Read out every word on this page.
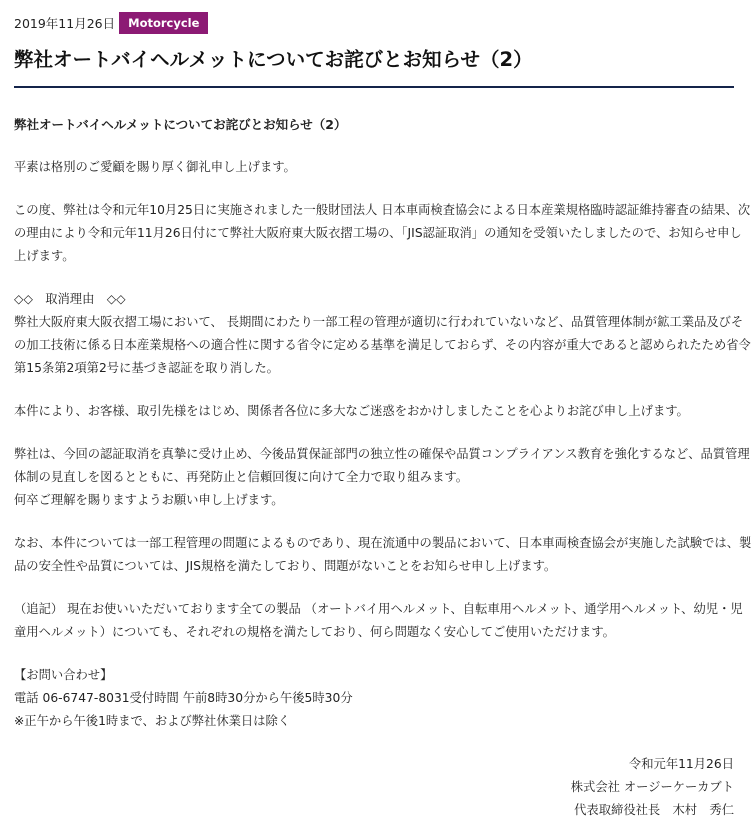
2019年11月26日	Motorcycle
弊社オートバイヘルメットについてお詫びとお知らせ（2）
弊社オートバイヘルメットについてお詫びとお知らせ（2）
平素は格別のご愛顧を賜り厚く御礼申し上げます。
この度、弊社は令和元年10月25日に実施されました一般財団法人 日本車両検査協会による日本産業規格臨時認証維持審査の結果、次
の理由により令和元年11月26日付にて弊社大阪府東大阪衣摺工場の、「JIS認証取消」の通知を受領いたしましたので、お知らせ申し
上げます。
◇◇　取消理由　◇◇
弊社大阪府東大阪衣摺工場において、 長期間にわたり一部工程の管理が適切に行われていないなど、品質管理体制が鉱工業品及びそ
の加工技術に係る日本産業規格への適合性に関する省令に定める基準を満足しておらず、その内容が重大であると認められたため省令
第15条第2項第2号に基づき認証を取り消した。
本件により、お客様、取引先様をはじめ、関係者各位に多大なご迷惑をおかけしましたことを心よりお詫び申し上げます。
弊社は、今回の認証取消を真摯に受け止め、今後品質保証部門の独立性の確保や品質コンプライアンス教育を強化するなど、品質管理
体制の見直しを図るとともに、再発防止と信頼回復に向けて全力で取り組みます。
何卒ご理解を賜りますようお願い申し上げます。
なお、本件については一部工程管理の問題によるものであり、現在流通中の製品において、日本車両検査協会が実施した試験では、製
品の安全性や品質については、JIS規格を満たしており、問題がないことをお知らせ申し上げます。
（追記） 現在お使いいただいております全ての製品 （オートバイ用ヘルメット、自転車用ヘルメット、通学用ヘルメット、幼児・児
童用ヘルメット）についても、それぞれの規格を満たしており、何ら問題なく安心してご使用いただけます。
【お問い合わせ】
電話 06-6747-8031受付時間 午前8時30分から午後5時30分
※正午から午後1時まで、および弊社休業日は除く
令和元年11月26日
株式会社 オージーケーカブト
代表取締役社長　木村　秀仁
